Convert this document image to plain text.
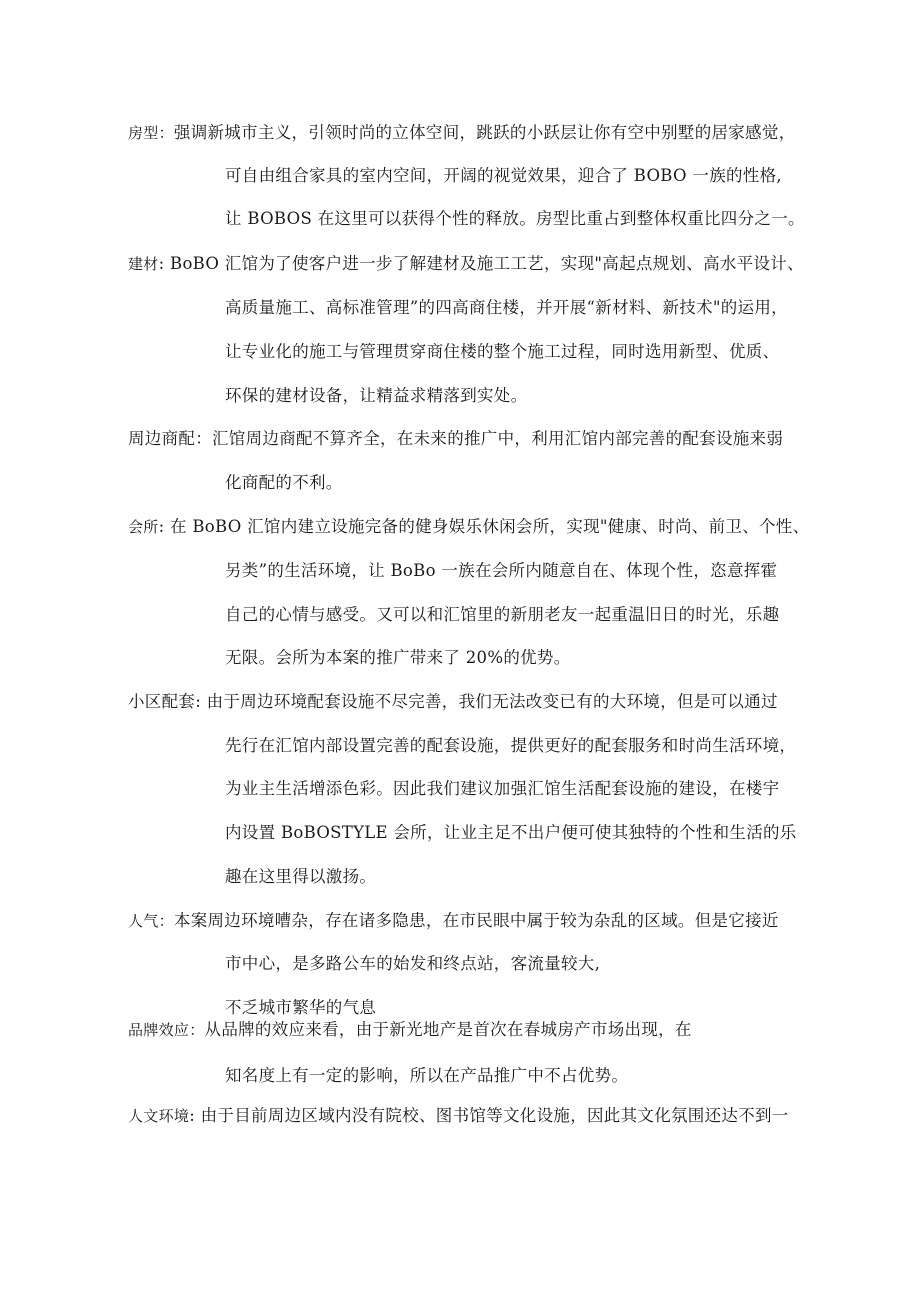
房型：强调新城市主义，引领时尚的立体空间，跳跃的小跃层让你有空中别墅的居家感觉，
可自由组合家具的室内空间，开阔的视觉效果，迎合了 BOBO 一族的性格,
让 BOBOS 在这里可以获得个性的释放。房型比重占到整体权重比四分之一。
建材: BoBO 汇馆为了使客户进一步了解建材及施工工艺，实现"高起点规划、高水平设计、
高质量施工、高标准管理”的四高商住楼，并开展“新材料、新技术"的运用，
让专业化的施工与管理贯穿商住楼的整个施工过程，同时选用新型、优质、
环保的建材设备，让精益求精落到实处。
周边商配：汇馆周边商配不算齐全，在未来的推广中，利用汇馆内部完善的配套设施来弱
化商配的不利。
会所: 在 BoBO 汇馆内建立设施完备的健身娱乐休闲会所，实现"健康、时尚、前卫、个性、
另类”的生活环境，让 BoBo 一族在会所内随意自在、体现个性，恣意挥霍
自己的心情与感受。又可以和汇馆里的新朋老友一起重温旧日的时光，乐趣
无限。会所为本案的推广带来了 20%的优势。
小区配套: 由于周边环境配套设施不尽完善，我们无法改变已有的大环境，但是可以通过
先行在汇馆内部设置完善的配套设施，提供更好的配套服务和时尚生活环境，
为业主生活增添色彩。因此我们建议加强汇馆生活配套设施的建设，在楼宇
内设置 BoBOSTYLE 会所，让业主足不出户便可使其独特的个性和生活的乐
趣在这里得以激扬。
人气：本案周边环境嘈杂，存在诸多隐患，在市民眼中属于较为杂乱的区域。但是它接近
市中心，是多路公车的始发和终点站，客流量较大,
不乏城市繁华的气息
品牌效应：从品牌的效应来看，由于新光地产是首次在春城房产市场出现，在
知名度上有一定的影响，所以在产品推广中不占优势。
人文环境: 由于目前周边区域内没有院校、图书馆等文化设施，因此其文化氛围还达不到一
